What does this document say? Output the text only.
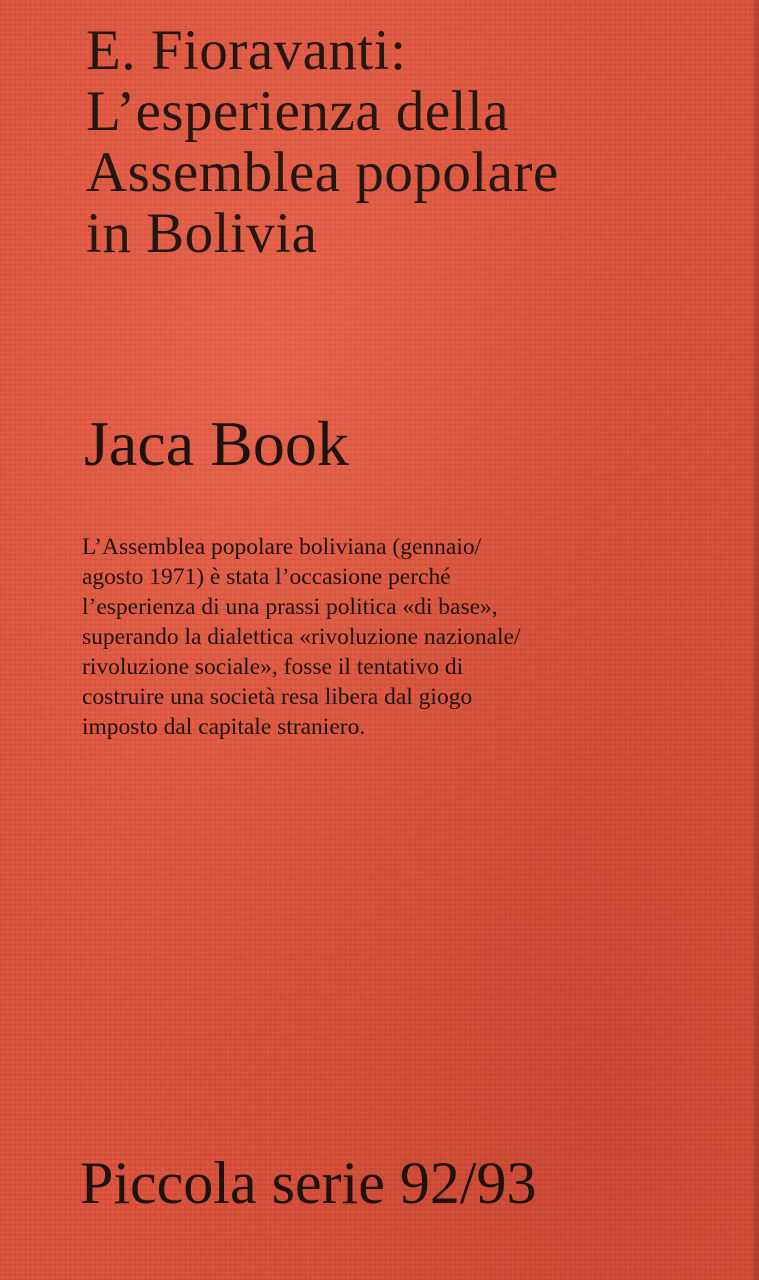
E. Fioravanti:
L’esperienza della
Assemblea popolare
in Bolivia
Jaca Book
L’Assemblea popolare boliviana (gennaio/
agosto 1971) è stata l’occasione perché
l’esperienza di una prassi politica «di base»,
superando la dialettica «rivoluzione nazionale/
rivoluzione sociale», fosse il tentativo di
costruire una società resa libera dal giogo
imposto dal capitale straniero.
Piccola serie 92/93
